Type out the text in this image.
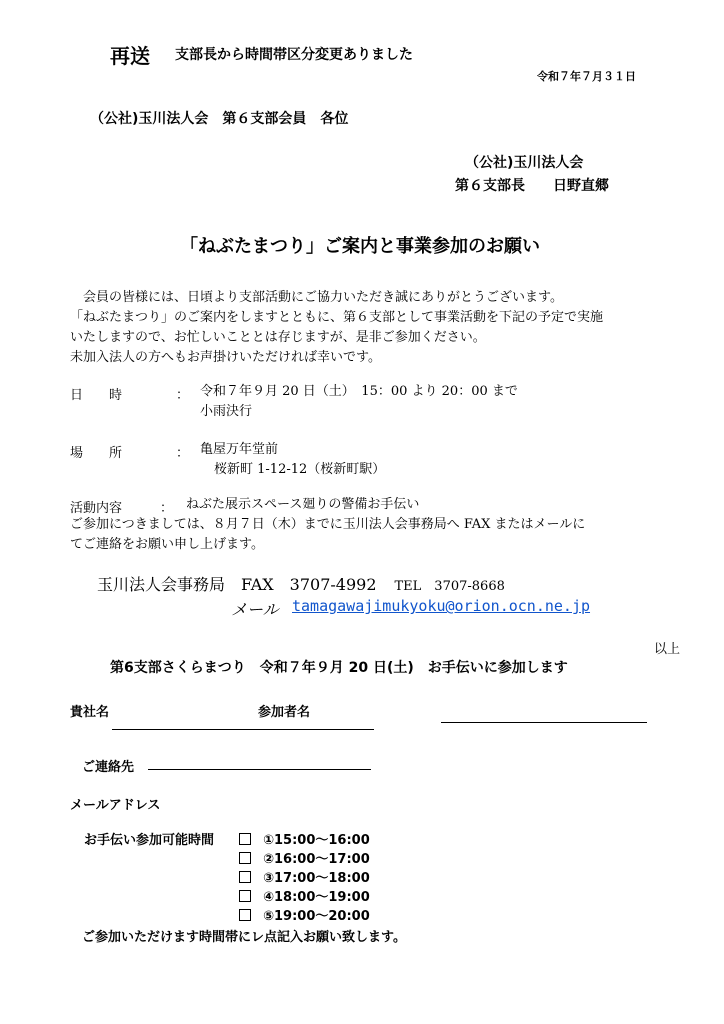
再送 支部長から時間帯区分変更ありました
令和７年７月３１日
（公社)玉川法人会　第６支部会員　各位
（公社)玉川法人会
第６支部長　　日野直郷
「ねぶたまつり」ご案内と事業参加のお願い
　会員の皆様には、日頃より支部活動にご協力いただき誠にありがとうございます。
「ねぶたまつり」のご案内をしますとともに、第６支部として事業活動を下記の予定で実施
いたしますので、お忙しいこととは存じますが、是非ご参加ください。
未加入法人の方へもお声掛けいただければ幸いです。
日　　時	： 令和７年９月 20 日（土）　15：00 より 20：00 まで
小雨決行
場　　所	： 亀屋万年堂前
桜新町 1-12-12（桜新町駅）
活動内容	： ねぶた展示スペース廻りの警備お手伝い
ご参加につきましては、８月７日（木）までに玉川法人会事務局へ FAX またはメールに
てご連絡をお願い申し上げます。
玉川法人会事務局　FAX　3707-4992 TEL　3707-8668
メール tamagawajimukyoku@orion.ocn.ne.jp
以上
第6支部さくらまつり　令和７年９月 20 日(土)　お手伝いに参加します
貴社名	参加者名
ご連絡先
メールアドレス
お手伝い参加可能時間	①15:00～16:00
②16:00～17:00
③17:00～18:00
④18:00～19:00
⑤19:00～20:00
ご参加いただけます時間帯にレ点記入お願い致します。
